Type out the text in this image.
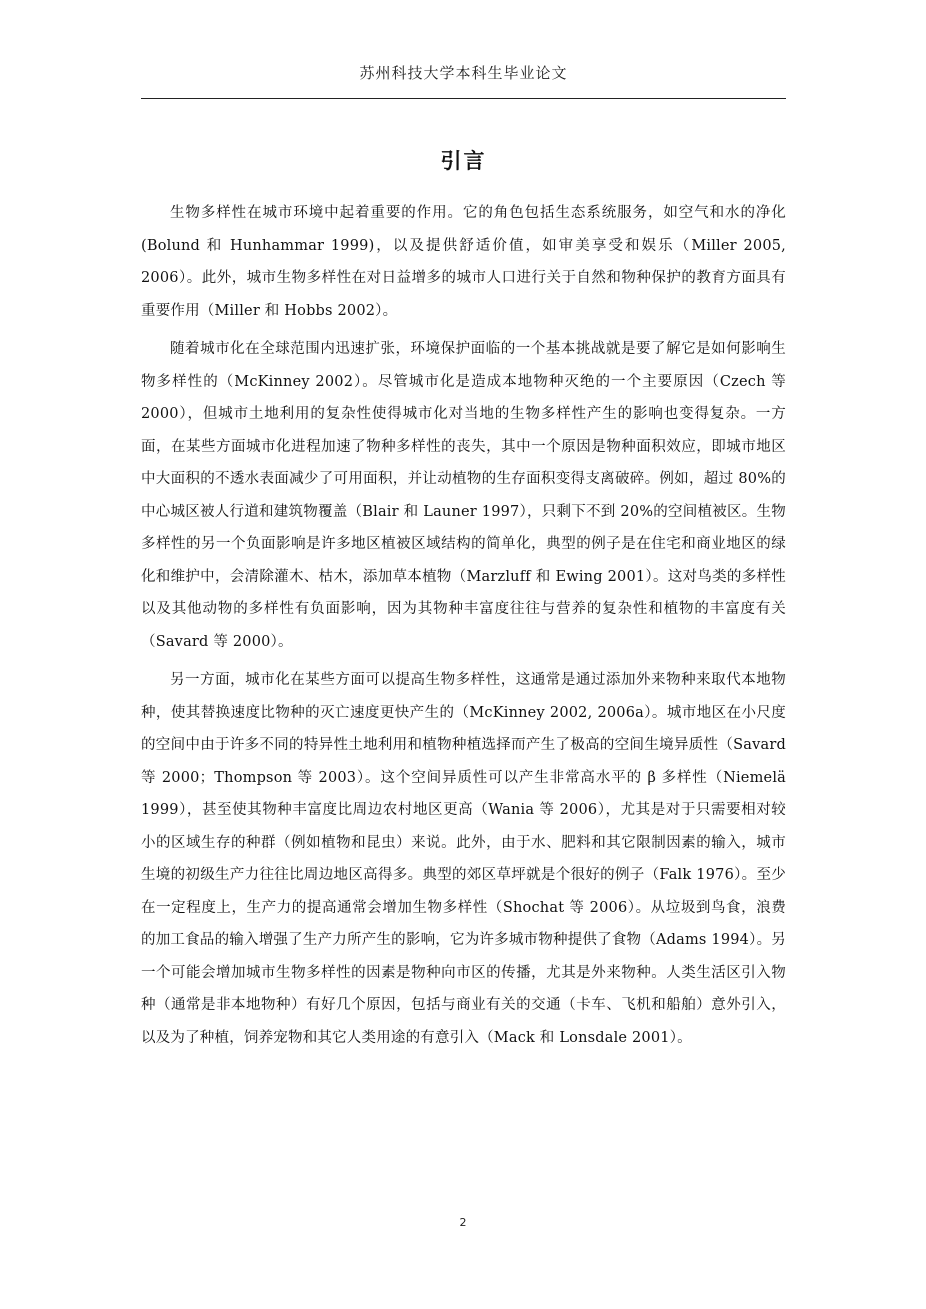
苏州科技大学本科生毕业论文
引言

生物多样性在城市环境中起着重要的作用。它的角色包括生态系统服务，如空气和水的净化(Bolund 和 Hunhammar 1999)，以及提供舒适价值，如审美享受和娱乐（Miller 2005, 2006）。此外，城市生物多样性在对日益增多的城市人口进行关于自然和物种保护的教育方面具有重要作用（Miller 和 Hobbs 2002）。

随着城市化在全球范围内迅速扩张，环境保护面临的一个基本挑战就是要了解它是如何影响生物多样性的（McKinney 2002）。尽管城市化是造成本地物种灭绝的一个主要原因（Czech 等 2000），但城市土地利用的复杂性使得城市化对当地的生物多样性产生的影响也变得复杂。一方面，在某些方面城市化进程加速了物种多样性的丧失，其中一个原因是物种面积效应，即城市地区中大面积的不透水表面减少了可用面积，并让动植物的生存面积变得支离破碎。例如，超过 80%的中心城区被人行道和建筑物覆盖（Blair 和 Launer 1997），只剩下不到 20%的空间植被区。生物多样性的另一个负面影响是许多地区植被区域结构的简单化，典型的例子是在住宅和商业地区的绿化和维护中，会清除灌木、枯木，添加草本植物（Marzluff 和 Ewing 2001）。这对鸟类的多样性以及其他动物的多样性有负面影响，因为其物种丰富度往往与营养的复杂性和植物的丰富度有关（Savard 等 2000）。

另一方面，城市化在某些方面可以提高生物多样性，这通常是通过添加外来物种来取代本地物种，使其替换速度比物种的灭亡速度更快产生的（McKinney 2002, 2006a）。城市地区在小尺度的空间中由于许多不同的特异性土地利用和植物种植选择而产生了极高的空间生境异质性（Savard 等 2000；Thompson 等 2003）。这个空间异质性可以产生非常高水平的 β 多样性（Niemelä 1999），甚至使其物种丰富度比周边农村地区更高（Wania 等 2006），尤其是对于只需要相对较小的区域生存的种群（例如植物和昆虫）来说。此外，由于水、肥料和其它限制因素的输入，城市生境的初级生产力往往比周边地区高得多。典型的郊区草坪就是个很好的例子（Falk 1976）。至少在一定程度上，生产力的提高通常会增加生物多样性（Shochat 等 2006）。从垃圾到鸟食，浪费的加工食品的输入增强了生产力所产生的影响，它为许多城市物种提供了食物（Adams 1994）。另一个可能会增加城市生物多样性的因素是物种向市区的传播，尤其是外来物种。人类生活区引入物种（通常是非本地物种）有好几个原因，包括与商业有关的交通（卡车、飞机和船舶）意外引入，以及为了种植，饲养宠物和其它人类用途的有意引入（Mack 和 Lonsdale 2001）。

2
